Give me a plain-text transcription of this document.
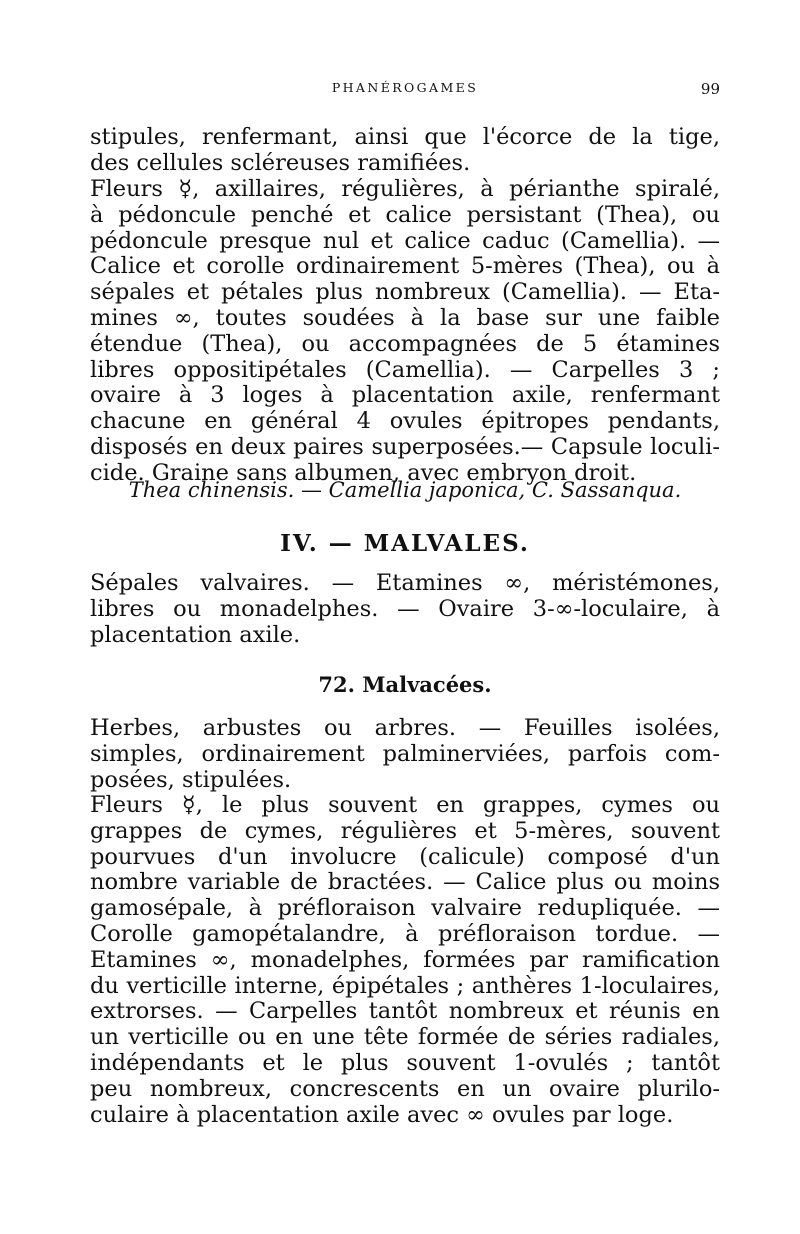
PHANÉROGAMES	99

stipules, renfermant, ainsi que l'écorce de la tige,

des cellules scléreuses ramifiées.

Fleurs ☿, axillaires, régulières, à périanthe spiralé,

à pédoncule penché et calice persistant (Thea), ou

pédoncule presque nul et calice caduc (Camellia). —

Calice et corolle ordinairement 5-mères (Thea), ou à

sépales et pétales plus nombreux (Camellia). — Eta-

mines ∞, toutes soudées à la base sur une faible

étendue (Thea), ou accompagnées de 5 étamines

libres oppositipétales (Camellia). — Carpelles 3 ;

ovaire à 3 loges à placentation axile, renfermant

chacune en général 4 ovules épitropes pendants,

disposés en deux paires superposées.— Capsule loculi-

cide. Graine sans albumen, avec embryon droit.

Thea chinensis. — Camellia japonica, C. Sassanqua.
IV. — MALVALES.

Sépales valvaires. — Etamines ∞, méristémones,

libres ou monadelphes. — Ovaire 3-∞-loculaire, à

placentation axile.

72. Malvacées.

Herbes, arbustes ou arbres. — Feuilles isolées,

simples, ordinairement palminerviées, parfois com-

posées, stipulées.

Fleurs ☿, le plus souvent en grappes, cymes ou

grappes de cymes, régulières et 5-mères, souvent

pourvues d'un involucre (calicule) composé d'un

nombre variable de bractées. — Calice plus ou moins

gamosépale, à préfloraison valvaire redupliquée. —

Corolle gamopétalandre, à préfloraison tordue. —

Etamines ∞, monadelphes, formées par ramification

du verticille interne, épipétales ; anthères 1-loculaires,

extrorses. — Carpelles tantôt nombreux et réunis en

un verticille ou en une tête formée de séries radiales,

indépendants et le plus souvent 1-ovulés ; tantôt

peu nombreux, concrescents en un ovaire plurilo-

culaire à placentation axile avec ∞ ovules par loge.
